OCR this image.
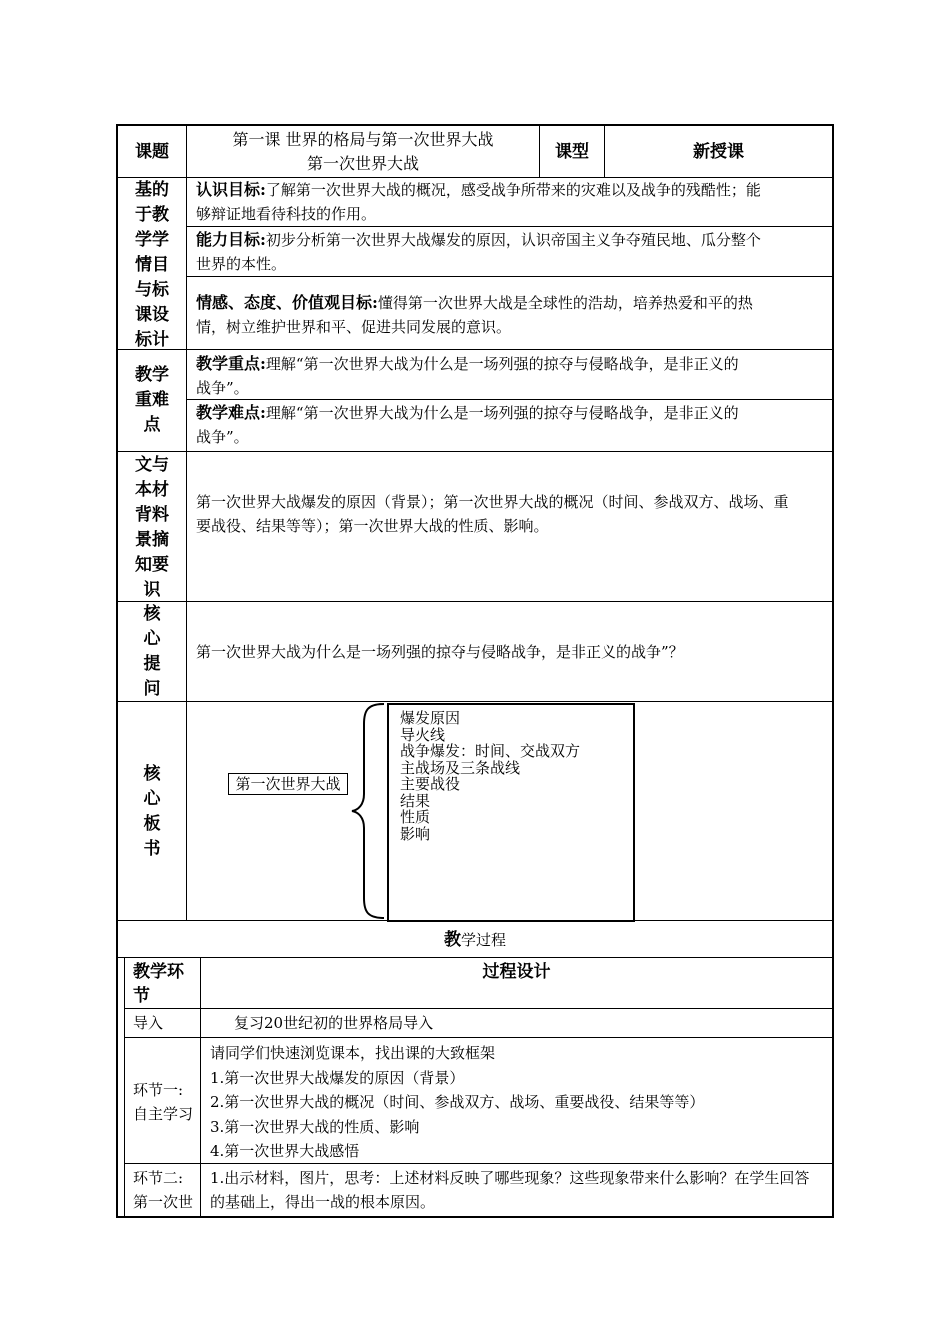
课题
第一课 世界的格局与第一次世界大战
第一次世界大战
课型	新授课
基的
于教
学学
情目
与标
课设
标计
认识目标:了解第一次世界大战的概况，感受战争所带来的灾难以及战争的残酷性；能
够辩证地看待科技的作用。
能力目标:初步分析第一次世界大战爆发的原因，认识帝国主义争夺殖民地、瓜分整个
世界的本性。
情感、态度、价值观目标:懂得第一次世界大战是全球性的浩劫，培养热爱和平的热
情，树立维护世界和平、促进共同发展的意识。
教学
重难
点
教学重点:理解“第一次世界大战为什么是一场列强的掠夺与侵略战争，是非正义的
战争”。
教学难点:理解“第一次世界大战为什么是一场列强的掠夺与侵略战争，是非正义的
战争”。
文与
本材
背料
景摘
知要
识
第一次世界大战爆发的原因（背景）；第一次世界大战的概况（时间、参战双方、战场、重
要战役、结果等等）；第一次世界大战的性质、影响。
核
心
提
问
第一次世界大战为什么是一场列强的掠夺与侵略战争，是非正义的战争”？
核
心
板
书
第一次世界大战
爆发原因
导火线
战争爆发：时间、交战双方
主战场及三条战线
主要战役
结果
性质
影响
教学过程
教学环
节
过程设计
导入	复习20世纪初的世界格局导入
环节一:
自主学习
请同学们快速浏览课本，找出课的大致框架
1.第一次世界大战爆发的原因（背景）
2.第一次世界大战的概况（时间、参战双方、战场、重要战役、结果等等）
3.第一次世界大战的性质、影响
4.第一次世界大战感悟
环节二:
第一次世
1.出示材料，图片，思考：上述材料反映了哪些现象？这些现象带来什么影响？在学生回答
的基础上，得出一战的根本原因。
